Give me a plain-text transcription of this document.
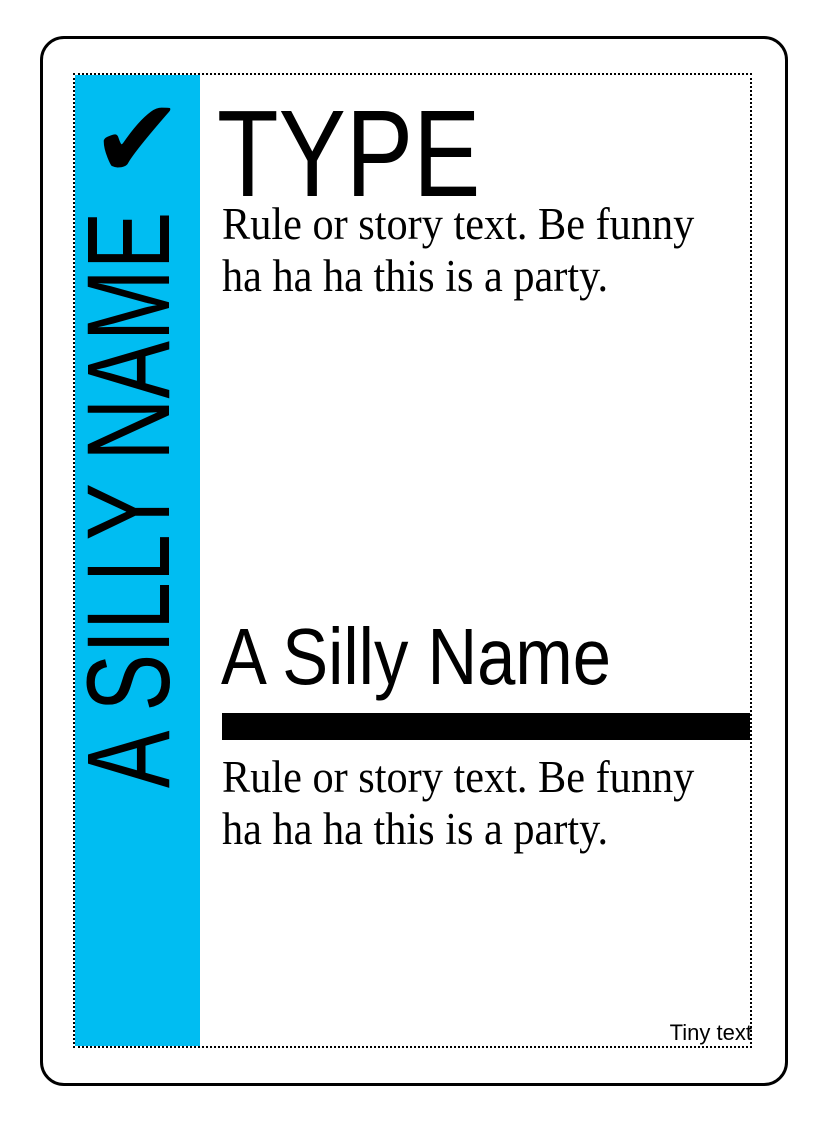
✔
A SILLY NAME
TYPE
Rule or story text. Be funny
ha ha ha this is a party.
A Silly Name
Rule or story text. Be funny
ha ha ha this is a party.
Tiny text
